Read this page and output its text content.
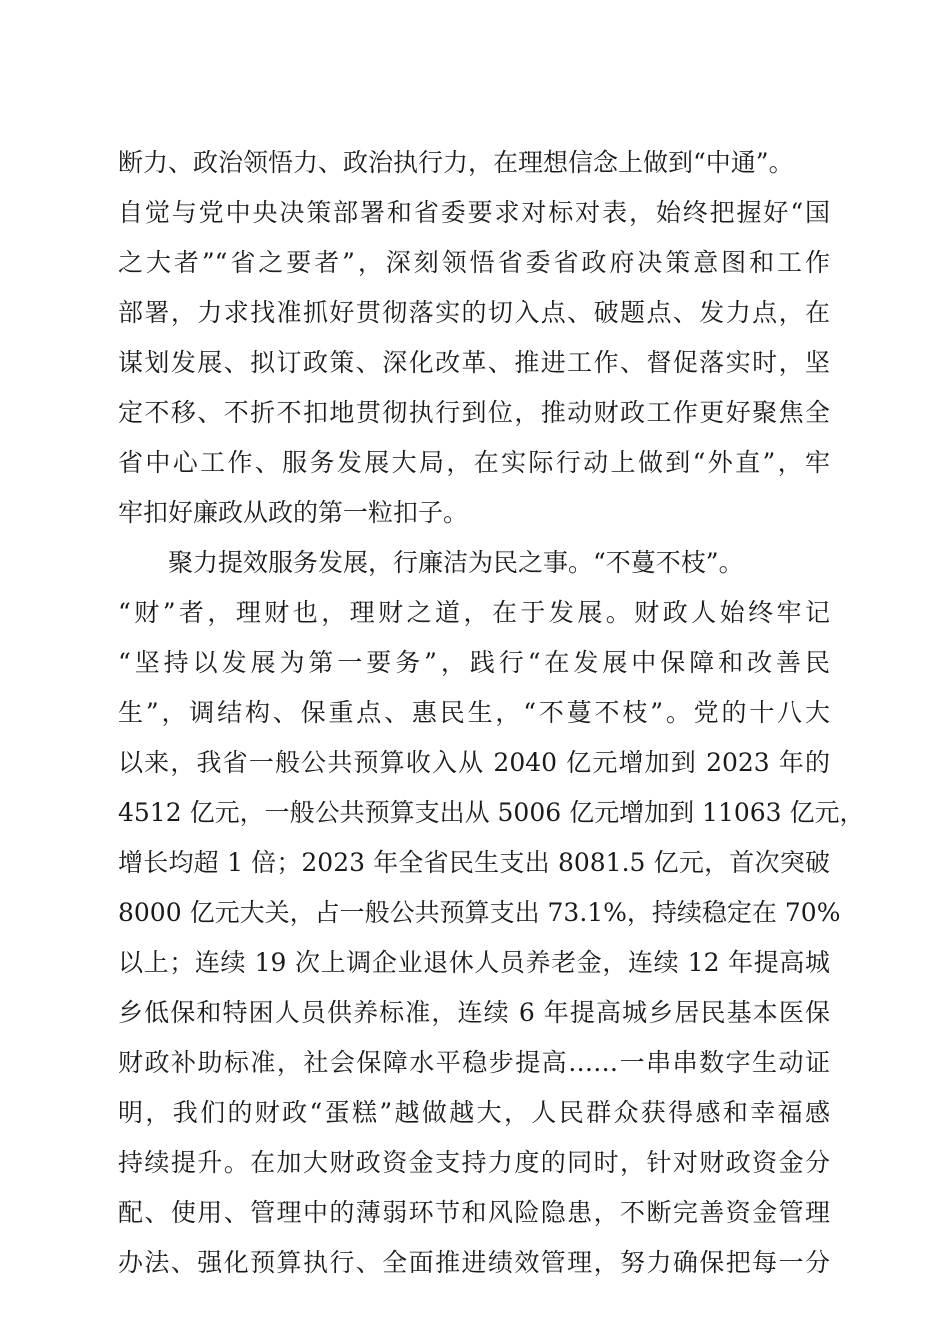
断力、政治领悟力、政治执行力，在理想信念上做到“中通”。
自觉与党中央决策部署和省委要求对标对表，始终把握好“国
之大者”“省之要者”，深刻领悟省委省政府决策意图和工作
部署，力求找准抓好贯彻落实的切入点、破题点、发力点，在
谋划发展、拟订政策、深化改革、推进工作、督促落实时，坚
定不移、不折不扣地贯彻执行到位，推动财政工作更好聚焦全
省中心工作、服务发展大局，在实际行动上做到“外直”，牢
牢扣好廉政从政的第一粒扣子。
聚力提效服务发展，行廉洁为民之事。“不蔓不枝”。
“财”者，理财也，理财之道，在于发展。财政人始终牢记
“坚持以发展为第一要务”，践行“在发展中保障和改善民
生”，调结构、保重点、惠民生，“不蔓不枝”。党的十八大
以来，我省一般公共预算收入从 2040 亿元增加到 2023 年的
4512 亿元，一般公共预算支出从 5006 亿元增加到 11063 亿元，
增长均超 1 倍；2023 年全省民生支出 8081.5 亿元，首次突破
8000 亿元大关，占一般公共预算支出 73.1%，持续稳定在 70%
以上；连续 19 次上调企业退休人员养老金，连续 12 年提高城
乡低保和特困人员供养标准，连续 6 年提高城乡居民基本医保
财政补助标准，社会保障水平稳步提高……一串串数字生动证
明，我们的财政“蛋糕”越做越大，人民群众获得感和幸福感
持续提升。在加大财政资金支持力度的同时，针对财政资金分
配、使用、管理中的薄弱环节和风险隐患，不断完善资金管理
办法、强化预算执行、全面推进绩效管理，努力确保把每一分
